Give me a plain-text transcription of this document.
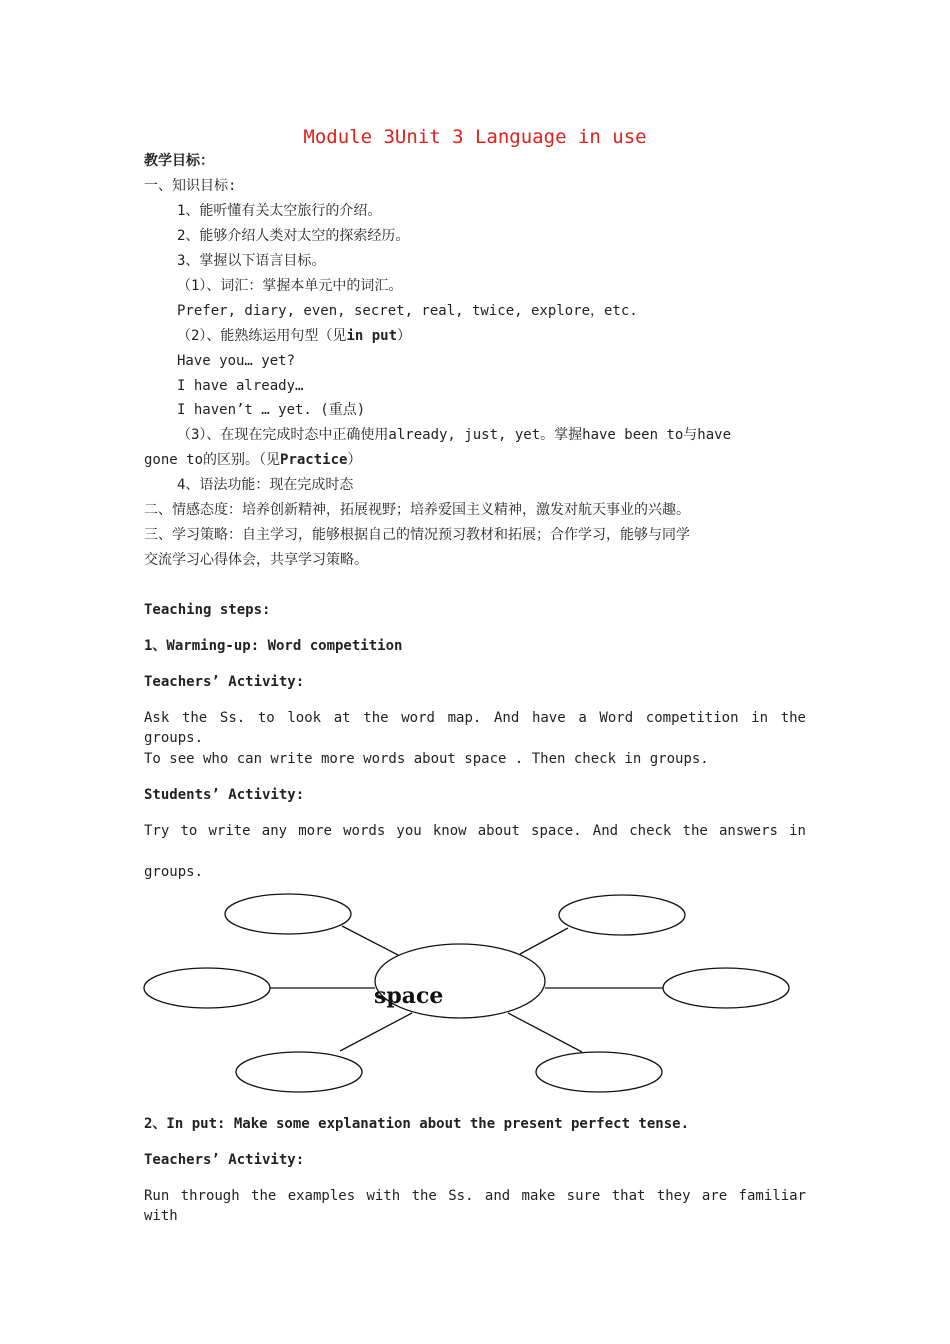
Module 3Unit 3 Language in use
教学目标：
一、知识目标:
1、能听懂有关太空旅行的介绍。
2、能够介绍人类对太空的探索经历。
3、掌握以下语言目标。
（1）、词汇：掌握本单元中的词汇。
Prefer, diary, even, secret, real, twice, explore，etc.
（2）、能熟练运用句型（见in put）
Have you… yet?
I have already…
I haven’t … yet. (重点)
（3）、在现在完成时态中正确使用already, just, yet。掌握have been to与have
gone to的区别。（见Practice）
4、语法功能：现在完成时态
二、情感态度：培养创新精神，拓展视野；培养爱国主义精神，激发对航天事业的兴趣。
三、学习策略：自主学习，能够根据自己的情况预习教材和拓展；合作学习，能够与同学
交流学习心得体会，共享学习策略。
Teaching steps:
1、Warming-up: Word competition
Teachers’ Activity:
Ask the Ss. to look at the word map. And have a Word competition in the groups.
To see who can write more words about space . Then check in groups.
Students’ Activity:
Try to write any more words you know about space. And check the answers in
groups.
space
2、In put: Make some explanation about the present perfect tense.
Teachers’ Activity:
Run through the examples with the Ss. and make sure that they are familiar with
